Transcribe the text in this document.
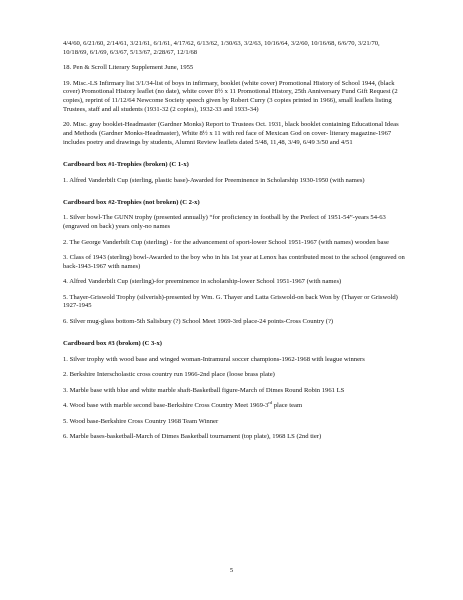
4/4/60, 6/21/60, 2/14/61, 3/21/61, 6/1/61, 4/17/62, 6/13/62, 1/30/63, 3/2/63, 10/16/64, 3/2/60, 10/16/68, 6/6/70, 3/21/70, 10/18/69, 6/1/69, 6/3/67, 5/13/67, 2/28/67, 12/1/68

18. Pen & Scroll Literary Supplement June, 1955

19. Misc.-LS Infirmary list 3/1/34-list of boys in infirmary, booklet (white cover) Promotional History of School 1944, (black cover) Promotional History leaflet (no date), white cover 8½ x 11 Promotional History, 25th Anniversary Fund Gift Request (2 copies), reprint of 11/12/64 Newcome Society speech given by Robert Curry (3 copies printed in 1966), small leaflets listing Trustees, staff and all students (1931-32 (2 copies), 1932-33 and 1933-34)

20. Misc. gray booklet-Headmaster (Gardner Monks) Report to Trustees Oct. 1931, black booklet containing Educational Ideas and Methods (Gardner Monks-Headmaster), White 8½ x 11 with red face of Mexican God on cover- literary magazine-1967 includes poetry and drawings by students, Alumni Review leaflets dated 5/48, 11,48, 3/49, 6/49 3/50 and 4/51

Cardboard box #1-Trophies (broken) (C 1-x)

1. Alfred Vanderbilt Cup (sterling, plastic base)-Awarded for Preeminence in Scholarship 1930-1950 (with names)

Cardboard box #2-Trophies (not broken) (C 2-x)

1. Silver bowl-The GUNN trophy (presented annually) “for proficiency in football by the Prefect of 1951-54”-years 54-63 (engraved on back) years only-no names

2. The George Vanderbilt Cup (sterling) - for the advancement of sport-lower School 1951-1967 (with names) wooden base

3. Class of 1943 (sterling) bowl-Awarded to the boy who in his 1st year at Lenox has contributed most to the school (engraved on back-1943-1967 with names)

4. Alfred Vanderbilt Cup (sterling)-for preeminence in scholarship-lower School 1951-1967 (with names)

5. Thayer-Griswold Trophy (silverish)-presented by Wm. G. Thayer and Latta Griswold-on back Won by (Thayer or Griswold) 1927-1945

6. Silver mug-glass bottom-5th Salisbury (?) School Meet 1969-3rd place-24 points-Cross Country (?)

Cardboard box #3 (broken) (C 3-x)

1. Silver trophy with wood base and winged woman-Intramural soccer champions-1962-1968 with league winners

2. Berkshire Interscholastic cross country run 1966-2nd place (loose brass plate)

3. Marble base with blue and white marble shaft-Basketball figure-March of Dimes Round Robin 1961 LS

4. Wood base with marble second base-Berkshire Cross Country Meet 1969-3rd place team

5. Wood base-Berkshire Cross Country 1968 Team Winner

6. Marble bases-basketball-March of Dimes Basketball tournament (top plate), 1968 LS (2nd tier)

5
